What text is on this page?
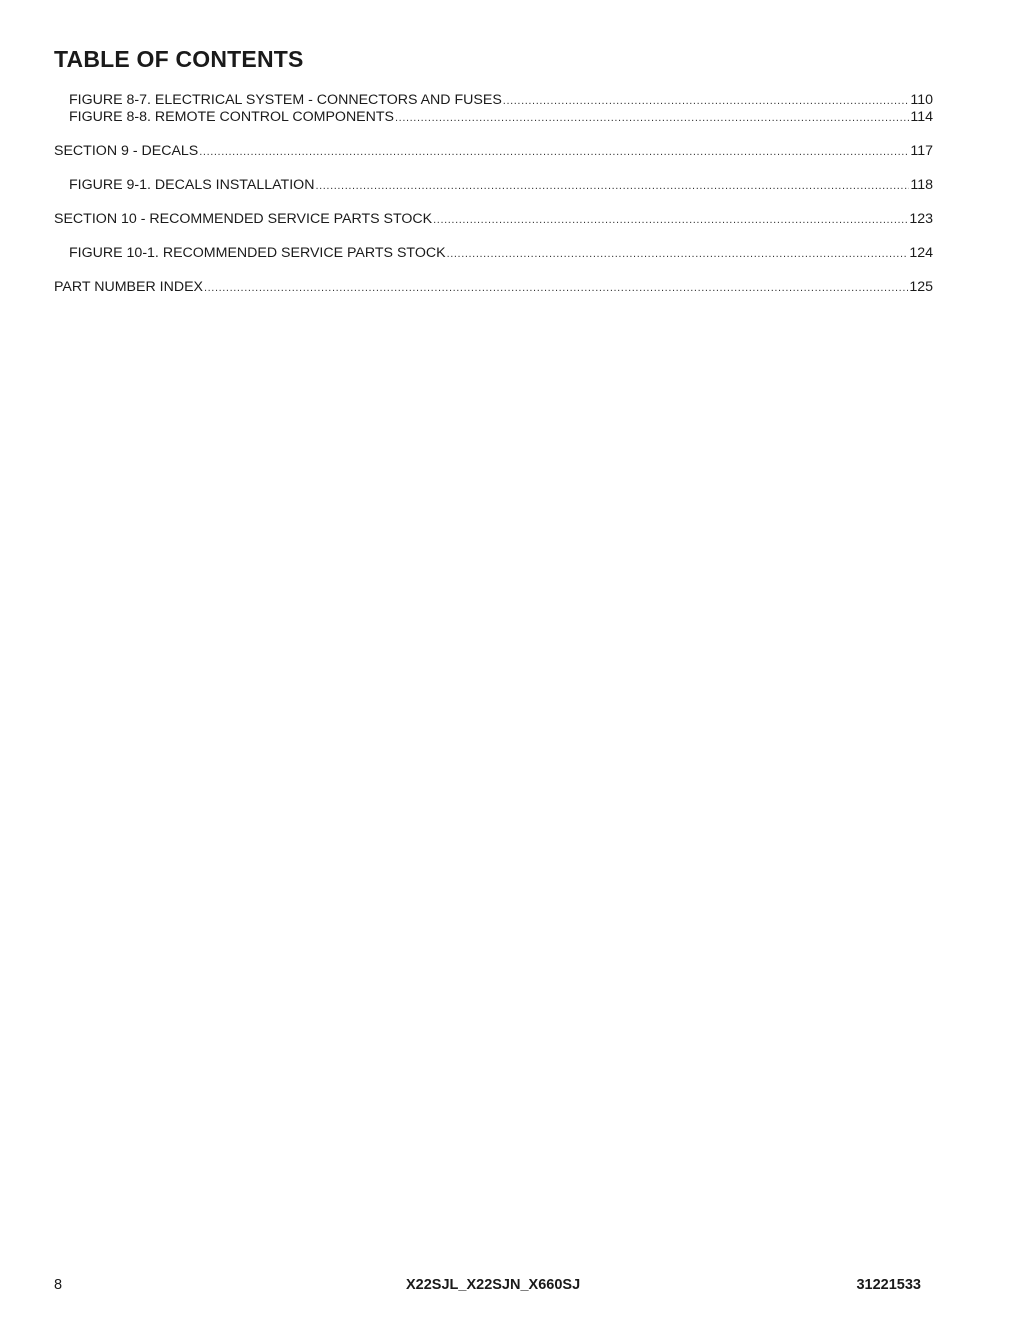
TABLE OF CONTENTS
FIGURE 8-7. ELECTRICAL SYSTEM - CONNECTORS AND FUSES .....	110
FIGURE 8-8. REMOTE CONTROL COMPONENTS .....	114
SECTION 9 - DECALS .....	117
FIGURE 9-1. DECALS INSTALLATION .....	118
SECTION 10 - RECOMMENDED SERVICE PARTS STOCK .....	123
FIGURE 10-1. RECOMMENDED SERVICE PARTS STOCK .....	124
PART NUMBER INDEX .....	125
8	X22SJL_X22SJN_X660SJ	31221533
